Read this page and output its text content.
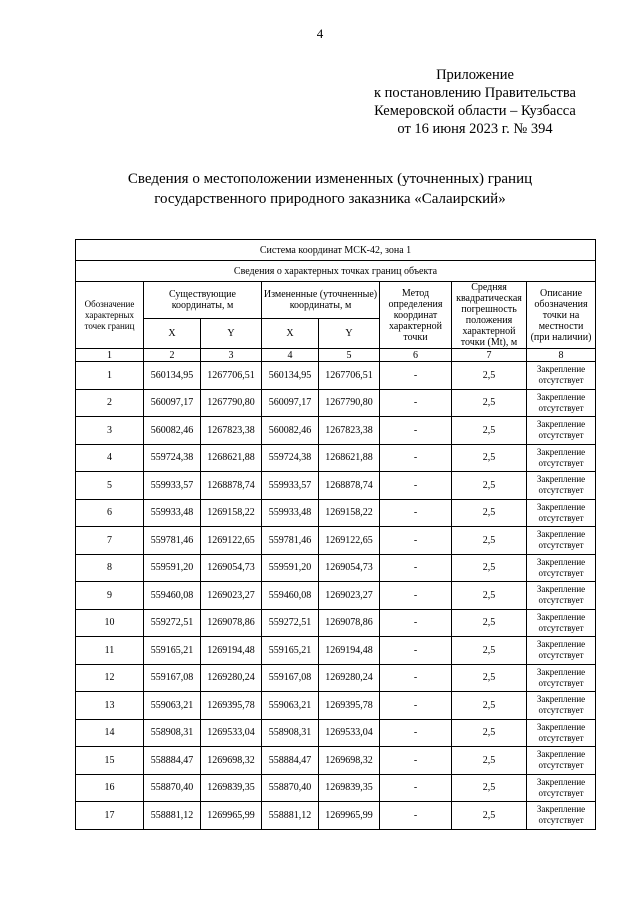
4
Приложение
к постановлению Правительства
Кемеровской области – Кузбасса
от 16 июня 2023 г. № 394
Сведения о местоположении измененных (уточненных) границ
государственного природного заказника «Салаирский»
Система координат МСК-42, зона 1							
Сведения о характерных точках границ объекта							
Обозначение характерных точек границ	Существующие координаты, м		Измененные (уточненные) координаты, м		Метод определения координат характерной точки	Средняя квадратическая погрешность положения характерной точки (Mt), м	Описание обозначения точки на местности (при наличии)
	X	Y	X	Y			
1	2	3	4	5	6	7	8
1	560134,95	1267706,51	560134,95	1267706,51	-	2,5	Закрепление отсутствует
2	560097,17	1267790,80	560097,17	1267790,80	-	2,5	Закрепление отсутствует
3	560082,46	1267823,38	560082,46	1267823,38	-	2,5	Закрепление отсутствует
4	559724,38	1268621,88	559724,38	1268621,88	-	2,5	Закрепление отсутствует
5	559933,57	1268878,74	559933,57	1268878,74	-	2,5	Закрепление отсутствует
6	559933,48	1269158,22	559933,48	1269158,22	-	2,5	Закрепление отсутствует
7	559781,46	1269122,65	559781,46	1269122,65	-	2,5	Закрепление отсутствует
8	559591,20	1269054,73	559591,20	1269054,73	-	2,5	Закрепление отсутствует
9	559460,08	1269023,27	559460,08	1269023,27	-	2,5	Закрепление отсутствует
10	559272,51	1269078,86	559272,51	1269078,86	-	2,5	Закрепление отсутствует
11	559165,21	1269194,48	559165,21	1269194,48	-	2,5	Закрепление отсутствует
12	559167,08	1269280,24	559167,08	1269280,24	-	2,5	Закрепление отсутствует
13	559063,21	1269395,78	559063,21	1269395,78	-	2,5	Закрепление отсутствует
14	558908,31	1269533,04	558908,31	1269533,04	-	2,5	Закрепление отсутствует
15	558884,47	1269698,32	558884,47	1269698,32	-	2,5	Закрепление отсутствует
16	558870,40	1269839,35	558870,40	1269839,35	-	2,5	Закрепление отсутствует
17	558881,12	1269965,99	558881,12	1269965,99	-	2,5	Закрепление отсутствует
